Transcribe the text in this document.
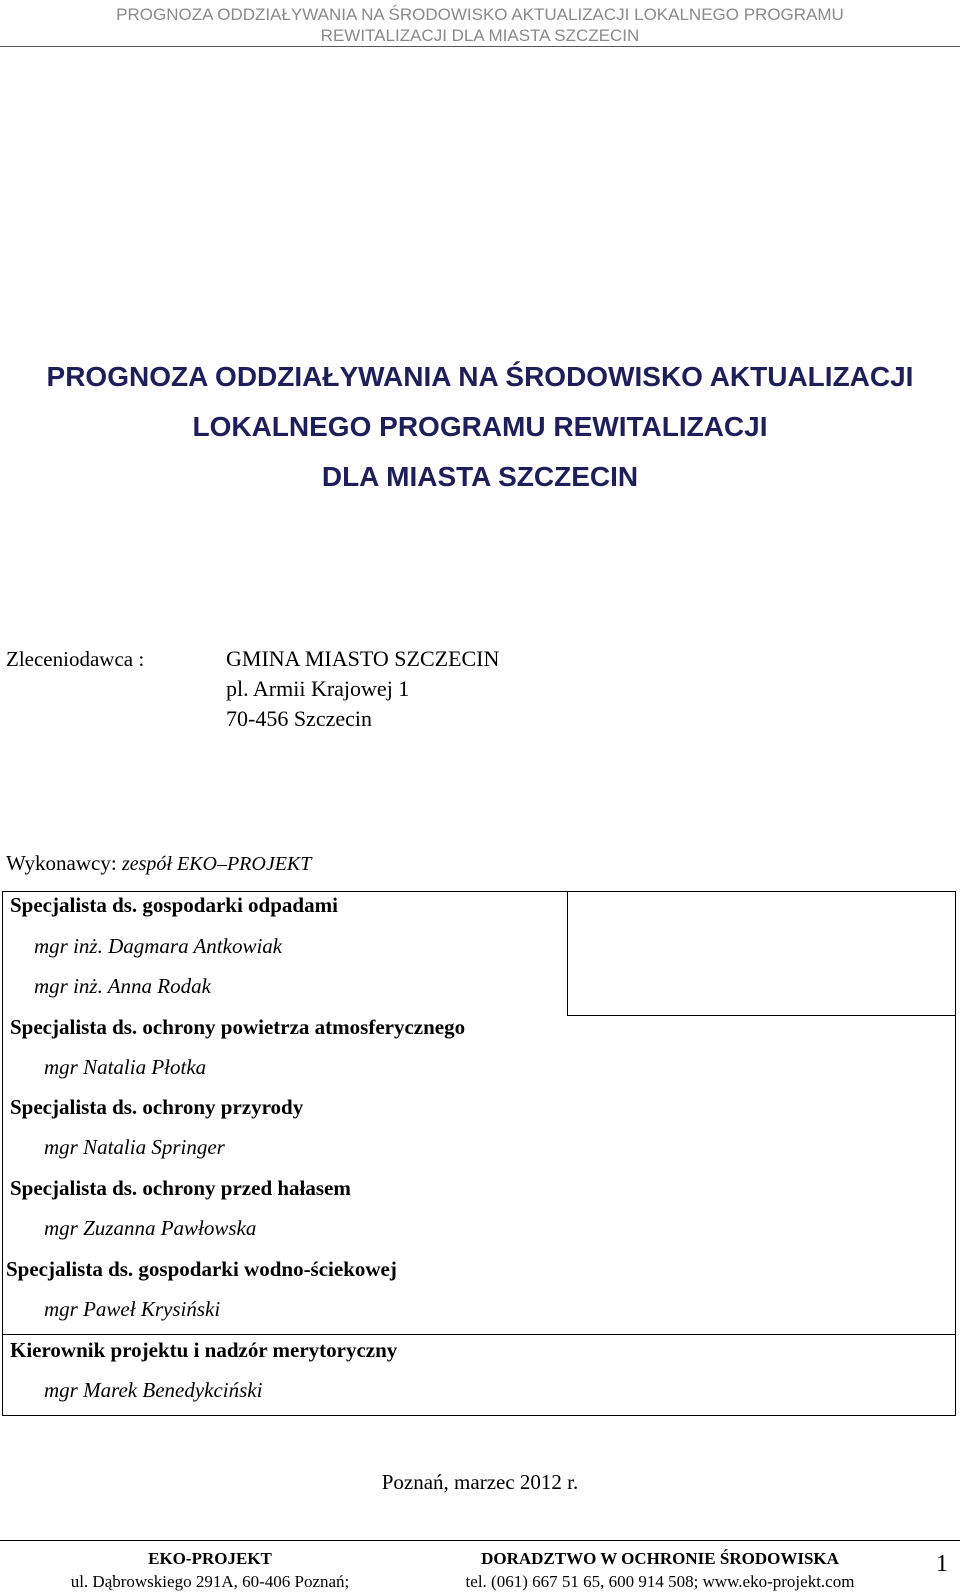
PROGNOZA ODDZIAŁYWANIA NA ŚRODOWISKO AKTUALIZACJI LOKALNEGO PROGRAMU
REWITALIZACJI DLA MIASTA SZCZECIN
PROGNOZA ODDZIAŁYWANIA NA ŚRODOWISKO AKTUALIZACJI
LOKALNEGO PROGRAMU REWITALIZACJI
DLA MIASTA SZCZECIN
Zleceniodawca :	GMINA MIASTO SZCZECIN
pl. Armii Krajowej 1
70-456 Szczecin
Wykonawcy: zespół EKO–PROJEKT
Specjalista ds. gospodarki odpadami
mgr inż. Dagmara Antkowiak
mgr inż. Anna Rodak
Specjalista ds. ochrony powietrza atmosferycznego
mgr Natalia Płotka
Specjalista ds. ochrony przyrody
mgr Natalia Springer
Specjalista ds. ochrony przed hałasem
mgr Zuzanna Pawłowska
Specjalista ds. gospodarki wodno-ściekowej
mgr Paweł Krysiński
Kierownik projektu i nadzór merytoryczny
mgr Marek Benedykciński
Poznań, marzec 2012 r.
EKO-PROJEKT
ul. Dąbrowskiego 291A, 60-406 Poznań;
DORADZTWO W OCHRONIE ŚRODOWISKA
tel. (061) 667 51 65, 600 914 508; www.eko-projekt.com
1
